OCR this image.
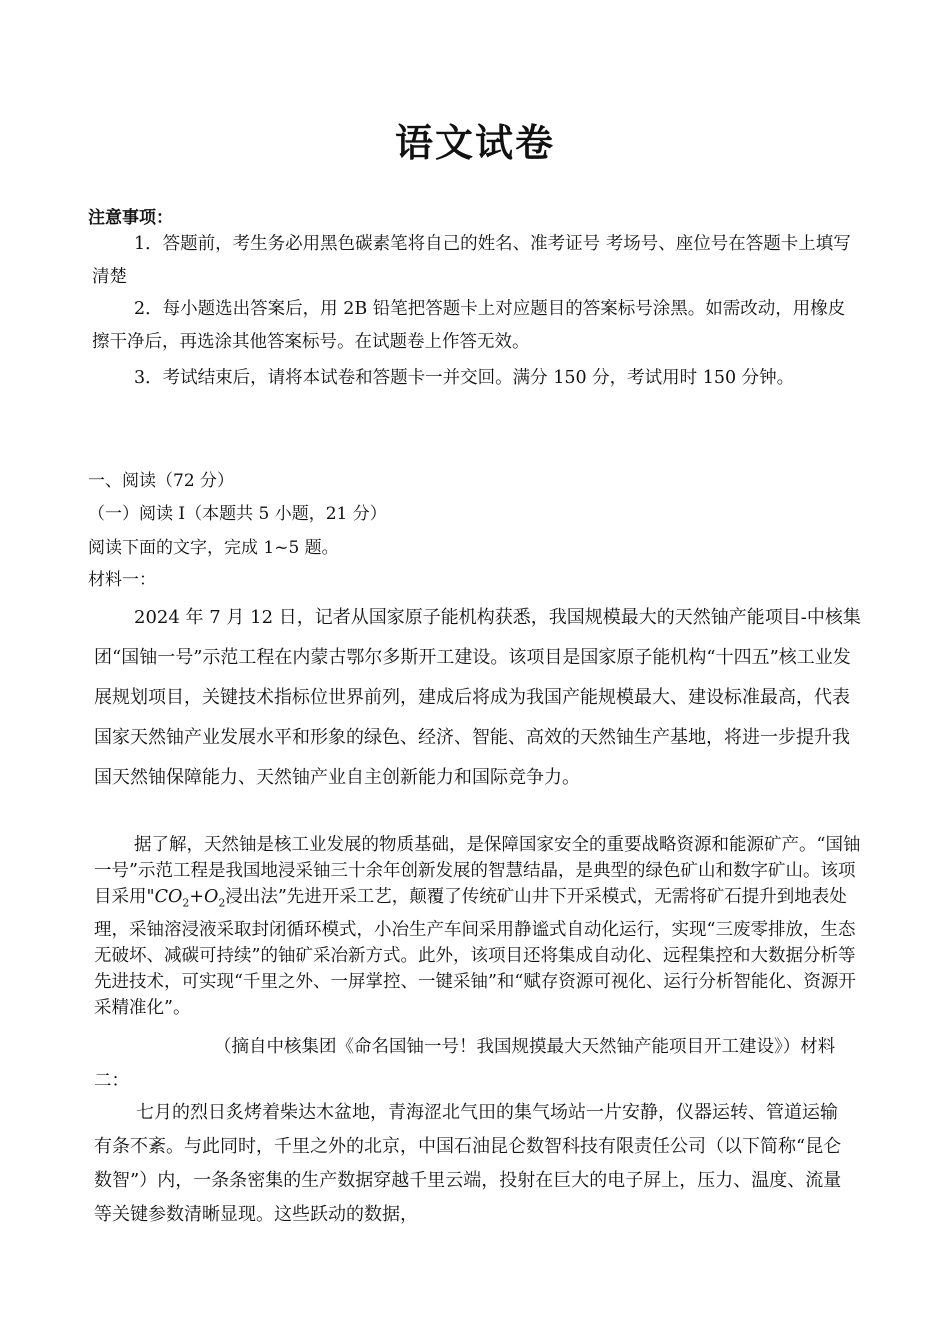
语文试卷
注意事项：

1．答题前，考生务必用黑色碳素笔将自己的姓名、准考证号 考场号、座位号在答题卡上填写清楚

2．每小题选出答案后，用 2B 铅笔把答题卡上对应题目的答案标号涂黑。如需改动，用橡皮擦干净后，再选涂其他答案标号。在试题卷上作答无效。

3．考试结束后，请将本试卷和答题卡一并交回。满分 150 分，考试用时 150 分钟。

一、阅读（72 分）
（一）阅读 I（本题共 5 小题，21 分）
阅读下面的文字，完成 1~5 题。
材料一：

2024 年 7 月 12 日，记者从国家原子能机构获悉，我国规模最大的天然铀产能项目-中核集团“国铀一号”示范工程在内蒙古鄂尔多斯开工建设。该项目是国家原子能机构“十四五”核工业发展规划项目，关键技术指标位世界前列，建成后将成为我国产能规模最大、建设标准最高，代表国家天然铀产业发展水平和形象的绿色、经济、智能、高效的天然铀生产基地，将进一步提升我国天然铀保障能力、天然铀产业自主创新能力和国际竞争力。

据了解，天然铀是核工业发展的物质基础，是保障国家安全的重要战略资源和能源矿产。“国铀一号”示范工程是我国地浸采铀三十余年创新发展的智慧结晶，是典型的绿色矿山和数字矿山。该项目采用"$CO_2+O_2$浸出法”先进开采工艺，颠覆了传统矿山井下开采模式，无需将矿石提升到地表处理，采铀溶浸液采取封闭循环模式，小冶生产车间采用静谧式自动化运行，实现“三废零排放，生态无破坏、减碳可持续”的铀矿采冶新方式。此外，该项目还将集成自动化、远程集控和大数据分析等先进技术，可实现“千里之外、一屏掌控、一键采铀”和“赋存资源可视化、运行分析智能化、资源开采精准化”。

（摘自中核集团《命名国铀一号！我国规摸最大天然铀产能项目开工建设》）材料二：

七月的烈日炙烤着柴达木盆地，青海涩北气田的集气场站一片安静，仪器运转、管道运输有条不紊。与此同时，千里之外的北京，中国石油昆仑数智科技有限责任公司（以下简称“昆仑数智”）内，一条条密集的生产数据穿越千里云端，投射在巨大的电子屏上，压力、温度、流量等关键参数清晰显现。这些跃动的数据，
